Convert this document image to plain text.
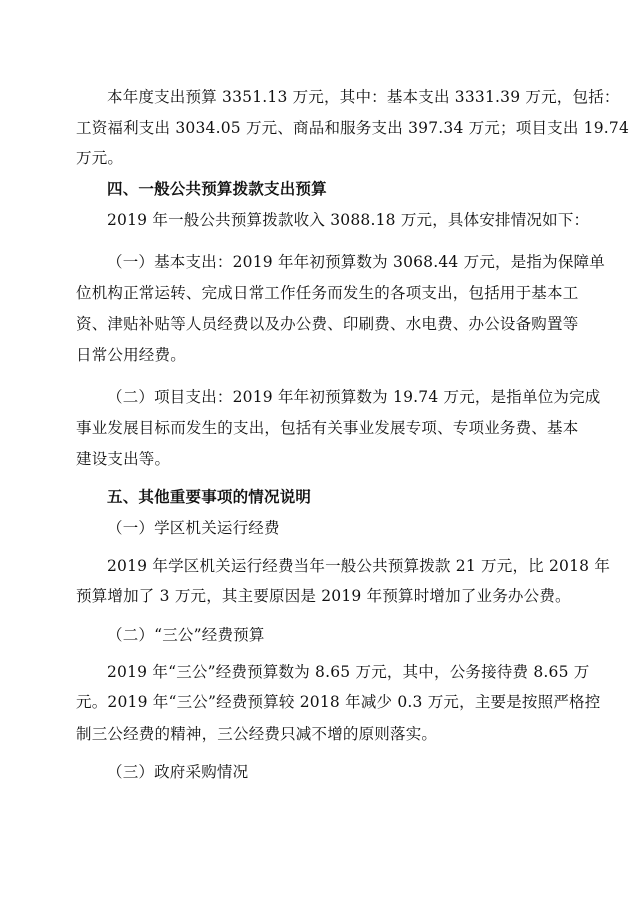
本年度支出预算 3351.13 万元，其中：基本支出 3331.39 万元，包括：
工资福利支出 3034.05 万元、商品和服务支出 397.34 万元；项目支出 19.74
万元。
四、一般公共预算拨款支出预算
2019 年一般公共预算拨款收入 3088.18 万元，具体安排情况如下：
（一）基本支出：2019 年年初预算数为 3068.44 万元，是指为保障单
位机构正常运转、完成日常工作任务而发生的各项支出，包括用于基本工
资、津贴补贴等人员经费以及办公费、印刷费、水电费、办公设备购置等
日常公用经费。
（二）项目支出：2019 年年初预算数为 19.74 万元，是指单位为完成
事业发展目标而发生的支出，包括有关事业发展专项、专项业务费、基本
建设支出等。
五、其他重要事项的情况说明
（一）学区机关运行经费
2019 年学区机关运行经费当年一般公共预算拨款 21 万元，比 2018 年
预算增加了 3 万元，其主要原因是 2019 年预算时增加了业务办公费。
（二）“三公”经费预算
2019 年“三公”经费预算数为 8.65 万元，其中，公务接待费 8.65 万
元。2019 年“三公”经费预算较 2018 年减少 0.3 万元，主要是按照严格控
制三公经费的精神，三公经费只减不增的原则落实。
（三）政府采购情况
